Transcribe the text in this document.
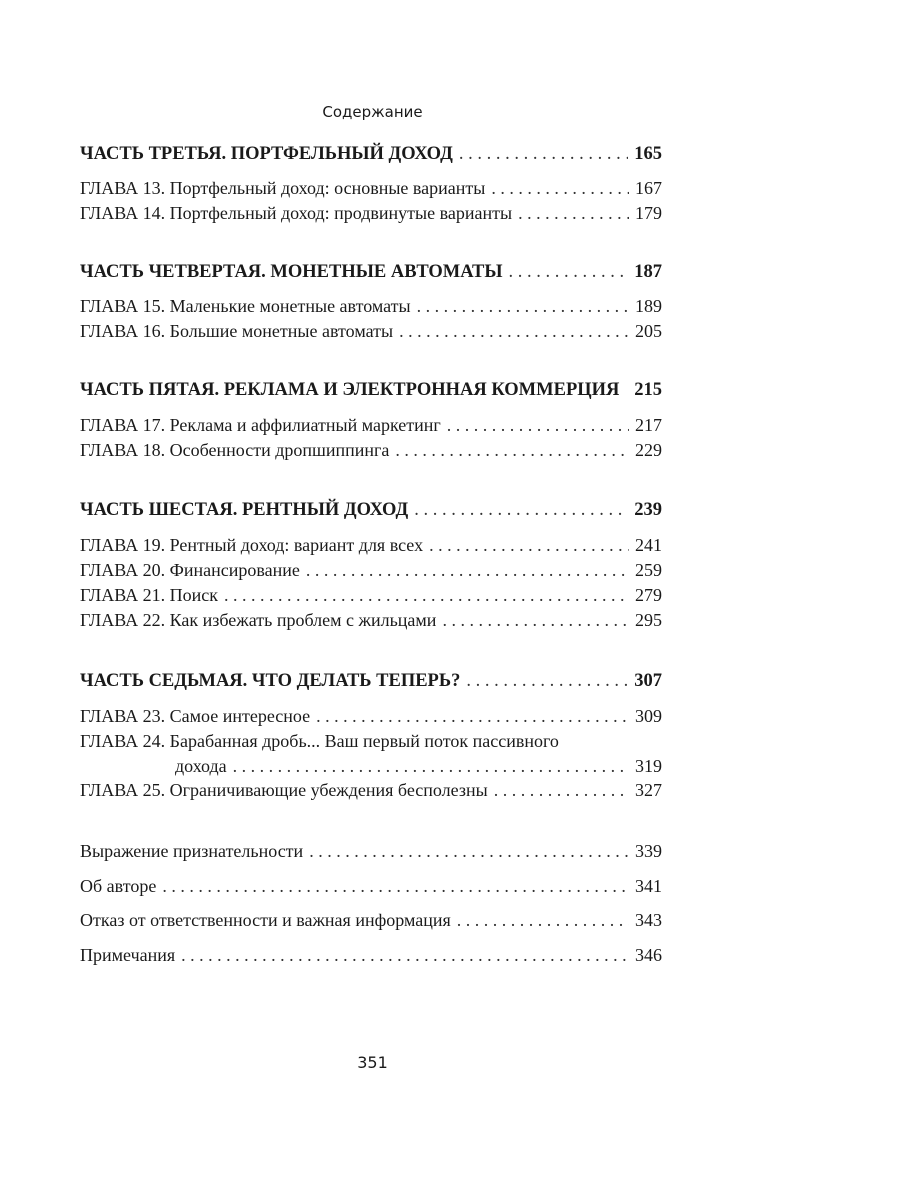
Содержание
ЧАСТЬ ТРЕТЬЯ. ПОРТФЕЛЬНЫЙ ДОХОД . . .	165
ГЛАВА 13. Портфельный доход: основные варианты . . .	167
ГЛАВА 14. Портфельный доход: продвинутые варианты . . .	179
ЧАСТЬ ЧЕТВЕРТАЯ. МОНЕТНЫЕ АВТОМАТЫ . . .	187
ГЛАВА 15. Маленькие монетные автоматы . . .	189
ГЛАВА 16. Большие монетные автоматы . . .	205
ЧАСТЬ ПЯТАЯ. РЕКЛАМА И ЭЛЕКТРОННАЯ КОММЕРЦИЯ 215
ГЛАВА 17. Реклама и аффилиатный маркетинг . . .	217
ГЛАВА 18. Особенности дропшиппинга . . .	229
ЧАСТЬ ШЕСТАЯ. РЕНТНЫЙ ДОХОД . . .	239
ГЛАВА 19. Рентный доход: вариант для всех . . .	241
ГЛАВА 20. Финансирование . . .	259
ГЛАВА 21. Поиск . . .	279
ГЛАВА 22. Как избежать проблем с жильцами . . .	295
ЧАСТЬ СЕДЬМАЯ. ЧТО ДЕЛАТЬ ТЕПЕРЬ? . . .	307
ГЛАВА 23. Самое интересное . . .	309
ГЛАВА 24. Барабанная дробь... Ваш первый поток пассивного
дохода . . .	319
ГЛАВА 25. Ограничивающие убеждения бесполезны . . .	327
Выражение признательности . . .	339
Об авторе . . .	341
Отказ от ответственности и важная информация . . .	343
Примечания . . .	346
351
